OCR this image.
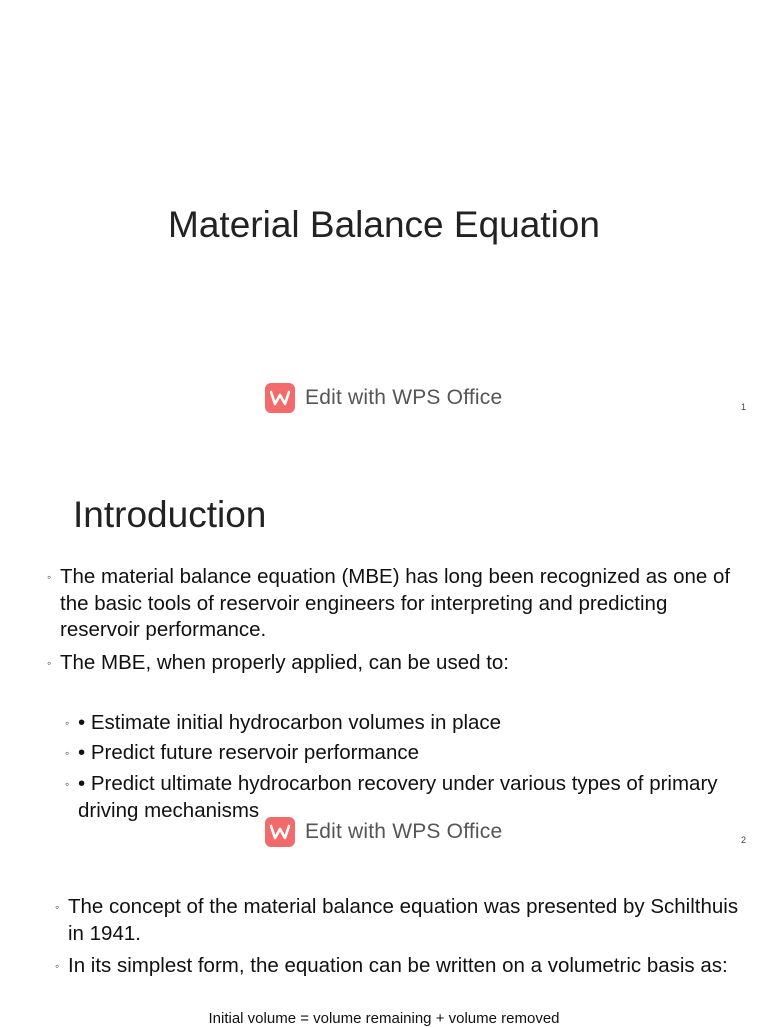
Material Balance Equation
Edit with WPS Office	1
Introduction
◦ The material balance equation (MBE) has long been recognized as one of the basic tools of reservoir engineers for interpreting and predicting reservoir performance.
◦ The MBE, when properly applied, can be used to:
◦ • Estimate initial hydrocarbon volumes in place
◦ • Predict future reservoir performance
◦ • Predict ultimate hydrocarbon recovery under various types of primary driving mechanisms
Edit with WPS Office	2
◦ The concept of the material balance equation was presented by Schilthuis in 1941.
◦ In its simplest form, the equation can be written on a volumetric basis as:
Initial volume = volume remaining + volume removed
